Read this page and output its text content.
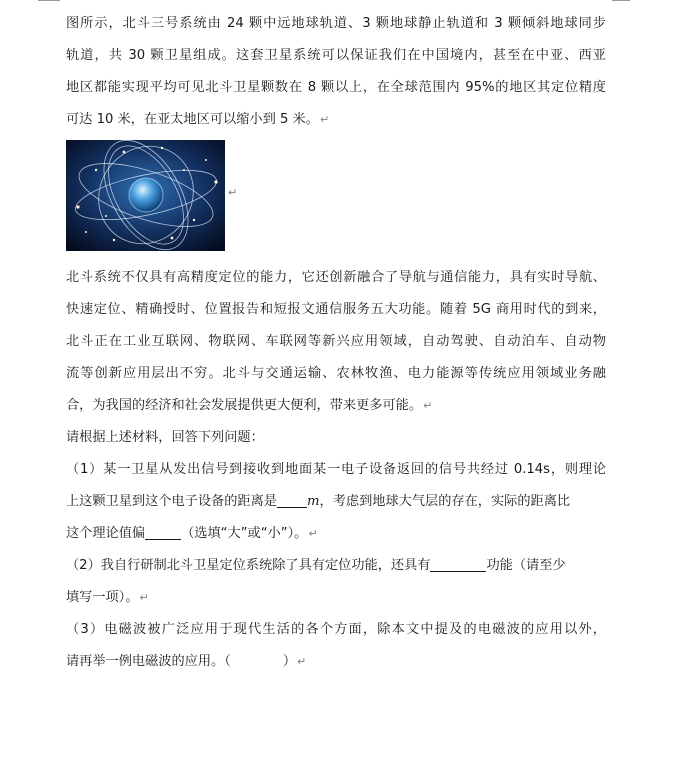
图所示，北斗三号系统由 24 颗中远地球轨道、3 颗地球静止轨道和 3 颗倾斜地球同步
轨道，共 30 颗卫星组成。这套卫星系统可以保证我们在中国境内，甚至在中亚、西亚
地区都能实现平均可见北斗卫星颗数在 8 颗以上，在全球范围内 95%的地区其定位精度
可达 10 米，在亚太地区可以缩小到 5 米。↵
↵
北斗系统不仅具有高精度定位的能力，它还创新融合了导航与通信能力，具有实时导航、
快速定位、精确授时、位置报告和短报文通信服务五大功能。随着 5G 商用时代的到来，
北斗正在工业互联网、物联网、车联网等新兴应用领域，自动驾驶、自动泊车、自动物
流等创新应用层出不穷。北斗与交通运输、农林牧渔、电力能源等传统应用领域业务融
合，为我国的经济和社会发展提供更大便利，带来更多可能。↵
请根据上述材料，回答下列问题：
（1）某一卫星从发出信号到接收到地面某一电子设备返回的信号共经过 0.14s，则理论
上这颗卫星到这个电子设备的距离是 m，考虑到地球大气层的存在，实际的距离比
这个理论值偏	（选填“大”或“小”）。↵
（2）我自行研制北斗卫星定位系统除了具有定位功能，还具有	功能（请至少
填写一项）。↵
（3）电磁波被广泛应用于现代生活的各个方面，除本文中提及的电磁波的应用以外，
请再举一例电磁波的应用。（	）↵
